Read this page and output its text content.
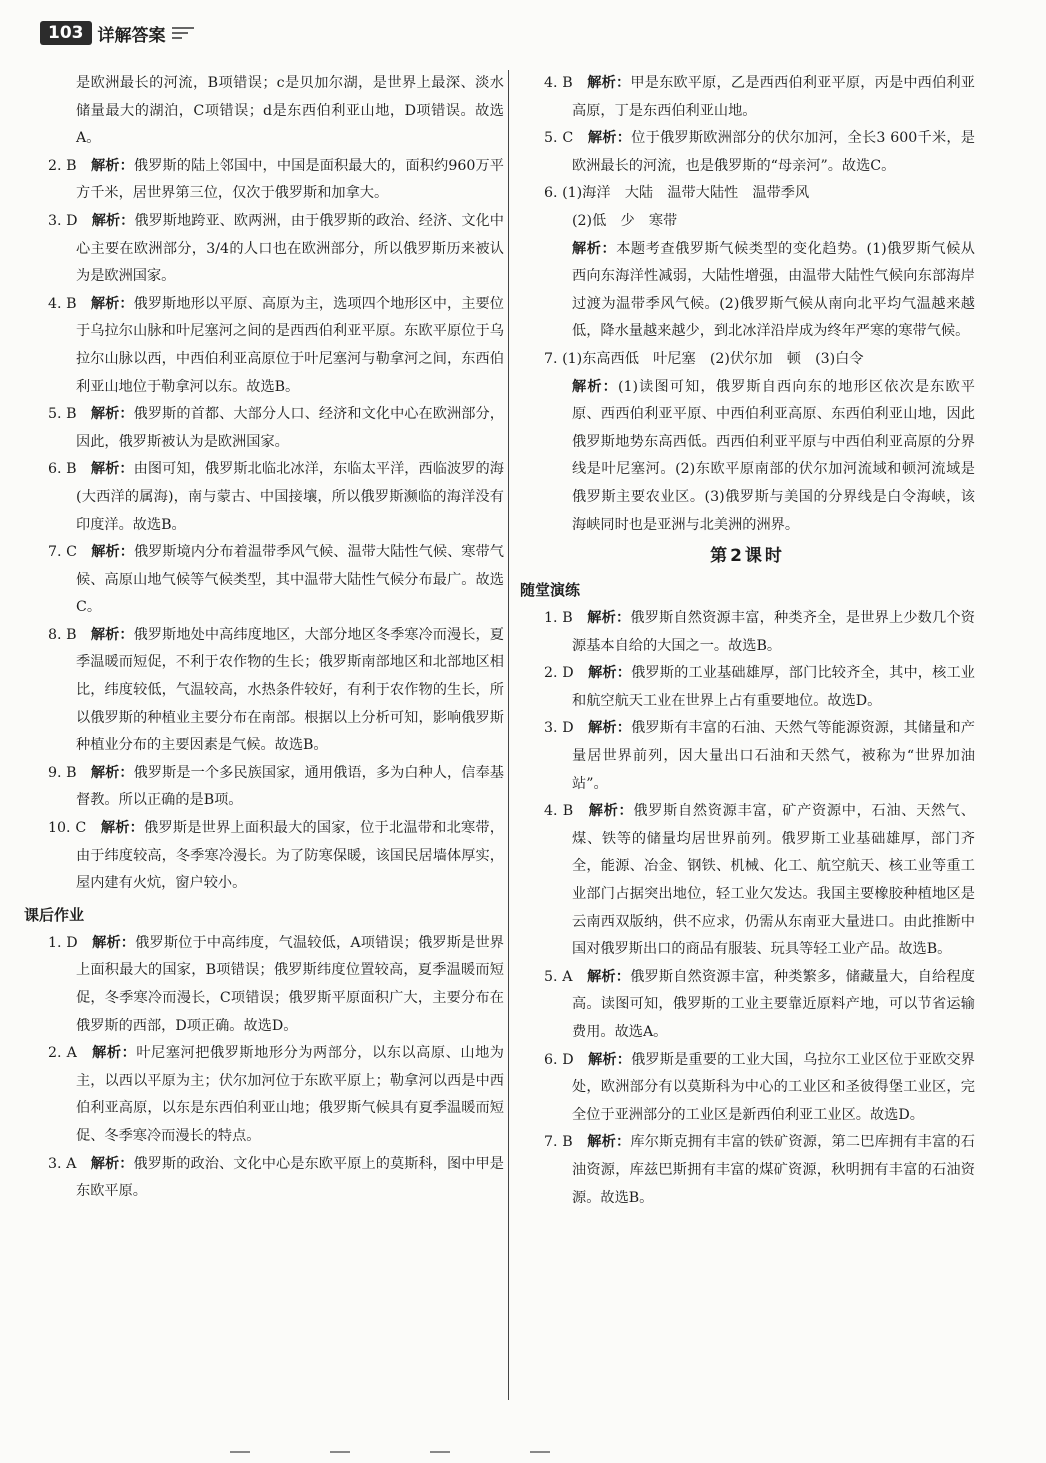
103 详解答案
是欧洲最长的河流，B项错误；c是贝加尔湖，是世界上最深、淡水储量最大的湖泊，C项错误；d是东西伯利亚山地，D项错误。故选A。
2. B　 解析：俄罗斯的陆上邻国中，中国是面积最大的，面积约960万平方千米，居世界第三位，仅次于俄罗斯和加拿大。
3. D　 解析：俄罗斯地跨亚、欧两洲，由于俄罗斯的政治、经济、文化中心主要在欧洲部分，3/4的人口也在欧洲部分，所以俄罗斯历来被认为是欧洲国家。
4. B　 解析：俄罗斯地形以平原、高原为主，选项四个地形区中，主要位于乌拉尔山脉和叶尼塞河之间的是西西伯利亚平原。东欧平原位于乌拉尔山脉以西，中西伯利亚高原位于叶尼塞河与勒拿河之间，东西伯利亚山地位于勒拿河以东。故选B。
5. B　 解析：俄罗斯的首都、大部分人口、经济和文化中心在欧洲部分，因此，俄罗斯被认为是欧洲国家。
6. B　 解析：由图可知，俄罗斯北临北冰洋，东临太平洋，西临波罗的海(大西洋的属海)，南与蒙古、中国接壤，所以俄罗斯濒临的海洋没有印度洋。故选B。
7. C　 解析：俄罗斯境内分布着温带季风气候、温带大陆性气候、寒带气候、高原山地气候等气候类型，其中温带大陆性气候分布最广。故选C。
8. B　 解析：俄罗斯地处中高纬度地区，大部分地区冬季寒冷而漫长，夏季温暖而短促，不利于农作物的生长；俄罗斯南部地区和北部地区相比，纬度较低，气温较高，水热条件较好，有利于农作物的生长，所以俄罗斯的种植业主要分布在南部。根据以上分析可知，影响俄罗斯种植业分布的主要因素是气候。故选B。
9. B　 解析：俄罗斯是一个多民族国家，通用俄语，多为白种人，信奉基督教。所以正确的是B项。
10. C　 解析：俄罗斯是世界上面积最大的国家，位于北温带和北寒带，由于纬度较高，冬季寒冷漫长。为了防寒保暖，该国民居墙体厚实，屋内建有火炕，窗户较小。
课后作业
1. D　 解析：俄罗斯位于中高纬度，气温较低，A项错误；俄罗斯是世界上面积最大的国家，B项错误；俄罗斯纬度位置较高，夏季温暖而短促，冬季寒冷而漫长，C项错误；俄罗斯平原面积广大，主要分布在俄罗斯的西部，D项正确。故选D。
2. A　 解析：叶尼塞河把俄罗斯地形分为两部分，以东以高原、山地为主，以西以平原为主；伏尔加河位于东欧平原上；勒拿河以西是中西伯利亚高原，以东是东西伯利亚山地；俄罗斯气候具有夏季温暖而短促、冬季寒冷而漫长的特点。
3. A　 解析：俄罗斯的政治、文化中心是东欧平原上的莫斯科，图中甲是东欧平原。
4. B　 解析：甲是东欧平原，乙是西西伯利亚平原，丙是中西伯利亚高原，丁是东西伯利亚山地。
5. C　 解析：位于俄罗斯欧洲部分的伏尔加河，全长3 600千米，是欧洲最长的河流，也是俄罗斯的“母亲河”。故选C。
6. (1)海洋　大陆　温带大陆性　温带季风
(2)低　少　寒带
解析：本题考查俄罗斯气候类型的变化趋势。(1)俄罗斯气候从西向东海洋性减弱，大陆性增强，由温带大陆性气候向东部海岸过渡为温带季风气候。(2)俄罗斯气候从南向北平均气温越来越低，降水量越来越少，到北冰洋沿岸成为终年严寒的寒带气候。
7. (1)东高西低　叶尼塞　(2)伏尔加　顿　(3)白令
解析：(1)读图可知，俄罗斯自西向东的地形区依次是东欧平原、西西伯利亚平原、中西伯利亚高原、东西伯利亚山地，因此俄罗斯地势东高西低。西西伯利亚平原与中西伯利亚高原的分界线是叶尼塞河。(2)东欧平原南部的伏尔加河流域和顿河流域是俄罗斯主要农业区。(3)俄罗斯与美国的分界线是白令海峡，该海峡同时也是亚洲与北美洲的洲界。
第2课时
随堂演练
1. B　 解析：俄罗斯自然资源丰富，种类齐全，是世界上少数几个资源基本自给的大国之一。故选B。
2. D　 解析：俄罗斯的工业基础雄厚，部门比较齐全，其中，核工业和航空航天工业在世界上占有重要地位。故选D。
3. D　 解析：俄罗斯有丰富的石油、天然气等能源资源，其储量和产量居世界前列，因大量出口石油和天然气，被称为“世界加油站”。
4. B　 解析：俄罗斯自然资源丰富，矿产资源中，石油、天然气、煤、铁等的储量均居世界前列。俄罗斯工业基础雄厚，部门齐全，能源、冶金、钢铁、机械、化工、航空航天、核工业等重工业部门占据突出地位，轻工业欠发达。我国主要橡胶种植地区是云南西双版纳，供不应求，仍需从东南亚大量进口。由此推断中国对俄罗斯出口的商品有服装、玩具等轻工业产品。故选B。
5. A　 解析：俄罗斯自然资源丰富，种类繁多，储藏量大，自给程度高。读图可知，俄罗斯的工业主要靠近原料产地，可以节省运输费用。故选A。
6. D　 解析：俄罗斯是重要的工业大国，乌拉尔工业区位于亚欧交界处，欧洲部分有以莫斯科为中心的工业区和圣彼得堡工业区，完全位于亚洲部分的工业区是新西伯利亚工业区。故选D。
7. B　 解析：库尔斯克拥有丰富的铁矿资源，第二巴库拥有丰富的石油资源，库兹巴斯拥有丰富的煤矿资源，秋明拥有丰富的石油资源。故选B。
